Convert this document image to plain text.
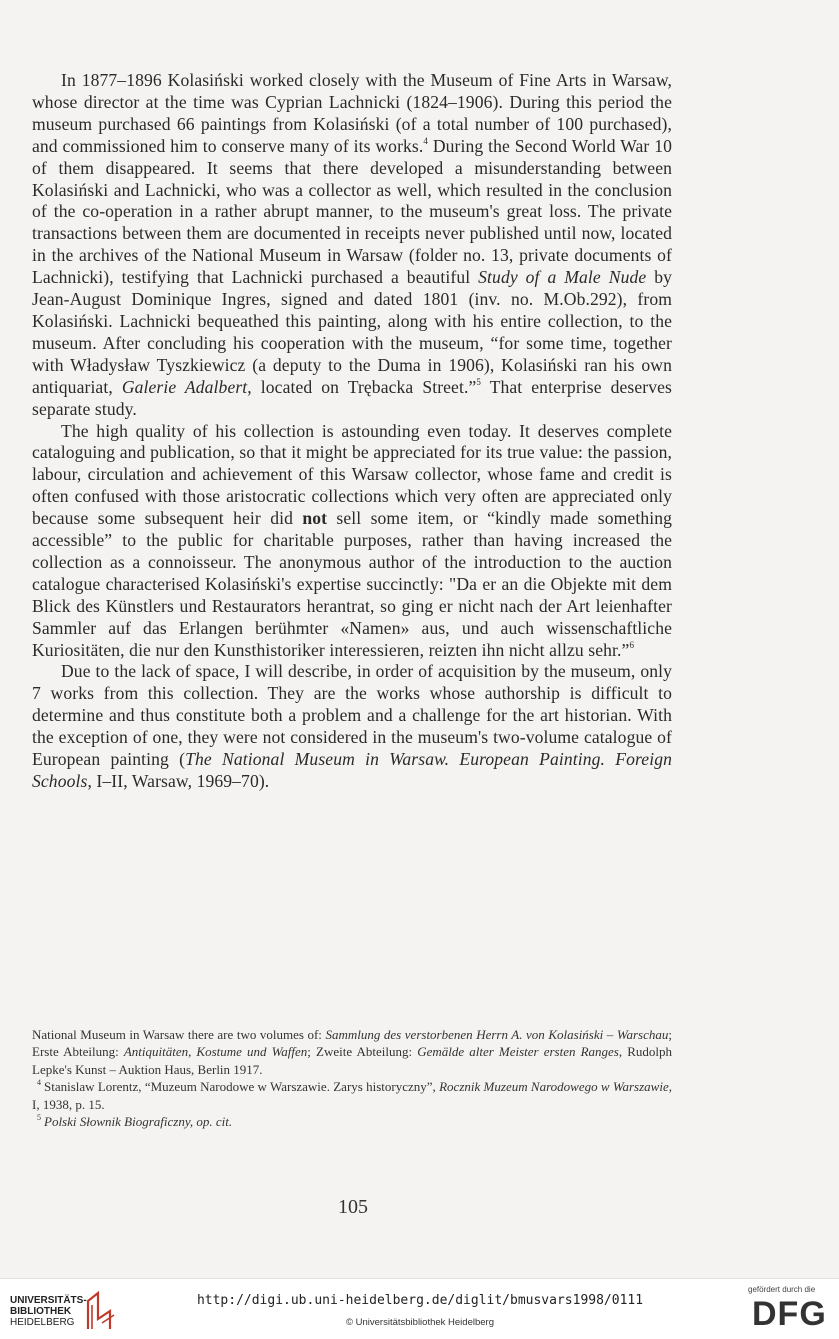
In 1877–1896 Kolasiński worked closely with the Museum of Fine Arts in Warsaw, whose director at the time was Cyprian Lachnicki (1824–1906). During this period the museum purchased 66 paintings from Kolasiński (of a total number of 100 purchased), and commissioned him to conserve many of its works.$^4$ During the Second World War 10 of them disappeared. It seems that there developed a misunderstanding between Kolasiński and Lachnicki, who was a collector as well, which resulted in the conclusion of the co-operation in a rather abrupt manner, to the museum's great loss. The private transactions between them are documented in receipts never published until now, located in the archives of the National Museum in Warsaw (folder no. 13, private documents of Lachnicki), testifying that Lachnicki purchased a beautiful Study of a Male Nude by Jean-August Dominique Ingres, signed and dated 1801 (inv. no. M.Ob.292), from Kolasiński. Lachnicki bequeathed this painting, along with his entire collection, to the museum. After concluding his cooperation with the museum, “for some time, together with Władysław Tyszkiewicz (a deputy to the Duma in 1906), Kolasiński ran his own antiquariat, Galerie Adalbert, located on Trębacka Street.”$^5$ That enterprise deserves separate study.

The high quality of his collection is astounding even today. It deserves complete cataloguing and publication, so that it might be appreciated for its true value: the passion, labour, circulation and achievement of this Warsaw collector, whose fame and credit is often confused with those aristocratic collections which very often are appreciated only because some subsequent heir did not sell some item, or “kindly made something accessible” to the public for charitable purposes, rather than having increased the collection as a connoisseur. The anonymous author of the introduction to the auction catalogue characterised Kolasiński's expertise succinctly: "Da er an die Objekte mit dem Blick des Künstlers und Restaurators herantrat, so ging er nicht nach der Art leienhafter Sammler auf das Erlangen berühmter «Namen» aus, und auch wissenschaftliche Kuriositäten, die nur den Kunsthistoriker interessieren, reizten ihn nicht allzu sehr.”$^6$

Due to the lack of space, I will describe, in order of acquisition by the museum, only 7 works from this collection. They are the works whose authorship is difficult to determine and thus constitute both a problem and a challenge for the art historian. With the exception of one, they were not considered in the museum's two-volume catalogue of European painting (The National Museum in Warsaw. European Painting. Foreign Schools, I–II, Warsaw, 1969–70).

National Museum in Warsaw there are two volumes of: Sammlung des verstorbenen Herrn A. von Kolasiński – Warschau; Erste Abteilung: Antiquitäten, Kostume und Waffen; Zweite Abteilung: Gemälde alter Meister ersten Ranges, Rudolph Lepke's Kunst – Auktion Haus, Berlin 1917.

$^4$ Stanislaw Lorentz, “Muzeum Narodowe w Warszawie. Zarys historyczny”, Rocznik Muzeum Narodowego w Warszawie, I, 1938, p. 15.

$^5$ Polski Słownik Biograficzny, op. cit.

105
UNIVERSITÄTS-
BIBLIOTHEK
HEIDELBERG
http://digi.ub.uni-heidelberg.de/diglit/bmusvars1998/0111
© Universitätsbibliothek Heidelberg
gefördert durch die
DFG
